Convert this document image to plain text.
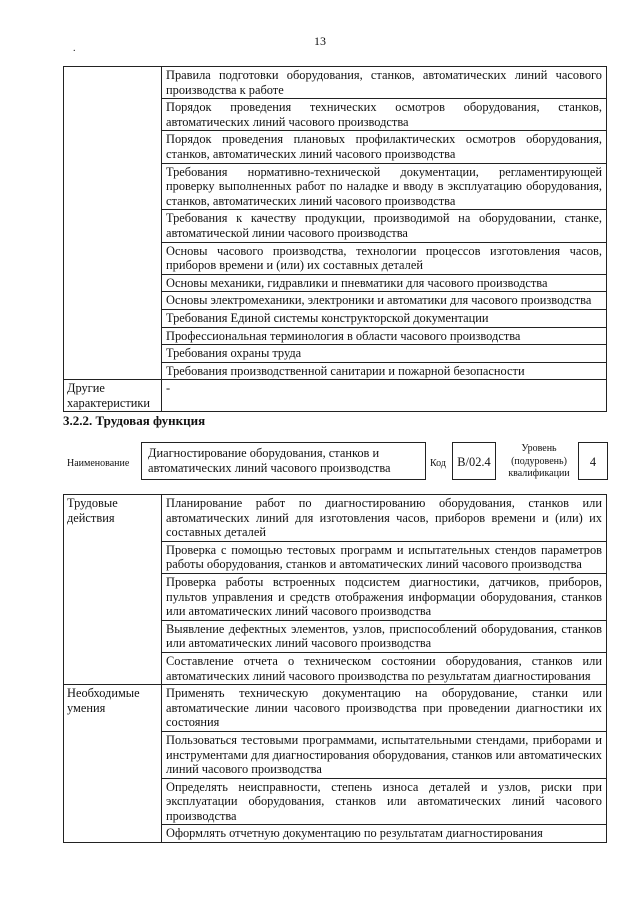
13
.
	Правила подготовки оборудования, станков, автоматических линий часового производства к работе
	Порядок проведения технических осмотров оборудования, станков, автоматических линий часового производства
	Порядок проведения плановых профилактических осмотров оборудования, станков, автоматических линий часового производства
	Требования нормативно-технической документации, регламентирующей проверку выполненных работ по наладке и вводу в эксплуатацию оборудования, станков, автоматических линий часового производства
	Требования к качеству продукции, производимой на оборудовании, станке, автоматической линии часового производства
	Основы часового производства, технологии процессов изготовления часов, приборов времени и (или) их составных деталей
	Основы механики, гидравлики и пневматики для часового производства
	Основы электромеханики, электроники и автоматики для часового производства
	Требования Единой системы конструкторской документации
	Профессиональная терминология в области часового производства
	Требования охраны труда
	Требования производственной санитарии и пожарной безопасности
Другие характеристики	-
3.2.2. Трудовая функция
Наименование
Диагностирование оборудования, станков и автоматических линий часового производства	Код B/02.4
Уровень (подуровень) квалификации
4
Трудовые действия	Планирование работ по диагностированию оборудования, станков или автоматических линий для изготовления часов, приборов времени и (или) их составных деталей
	Проверка с помощью тестовых программ и испытательных стендов параметров работы оборудования, станков и автоматических линий часового производства
	Проверка работы встроенных подсистем диагностики, датчиков, приборов, пультов управления и средств отображения информации оборудования, станков или автоматических линий часового производства
	Выявление дефектных элементов, узлов, приспособлений оборудования, станков или автоматических линий часового производства
	Составление отчета о техническом состоянии оборудования, станков или автоматических линий часового производства по результатам диагностирования
Необходимые умения	Применять техническую документацию на оборудование, станки или автоматические линии часового производства при проведении диагностики их состояния
	Пользоваться тестовыми программами, испытательными стендами, приборами и инструментами для диагностирования оборудования, станков или автоматических линий часового производства
	Определять неисправности, степень износа деталей и узлов, риски при эксплуатации оборудования, станков или автоматических линий часового производства
	Оформлять отчетную документацию по результатам диагностирования
